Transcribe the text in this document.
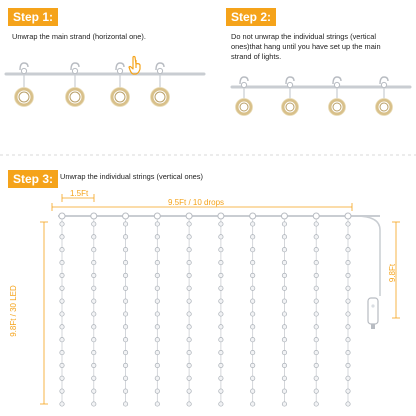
Step 1:
Unwrap the main strand (horizontal one).
Step 2:
Do not unwrap the individual strings (vertical
ones)that hang until you have set up the main
strand of lights.
Step 3: Unwrap the individual strings (vertical ones)
1.5Ft
9.5Ft / 10 drops
9.8Ft / 30 LED
9.8Ft
